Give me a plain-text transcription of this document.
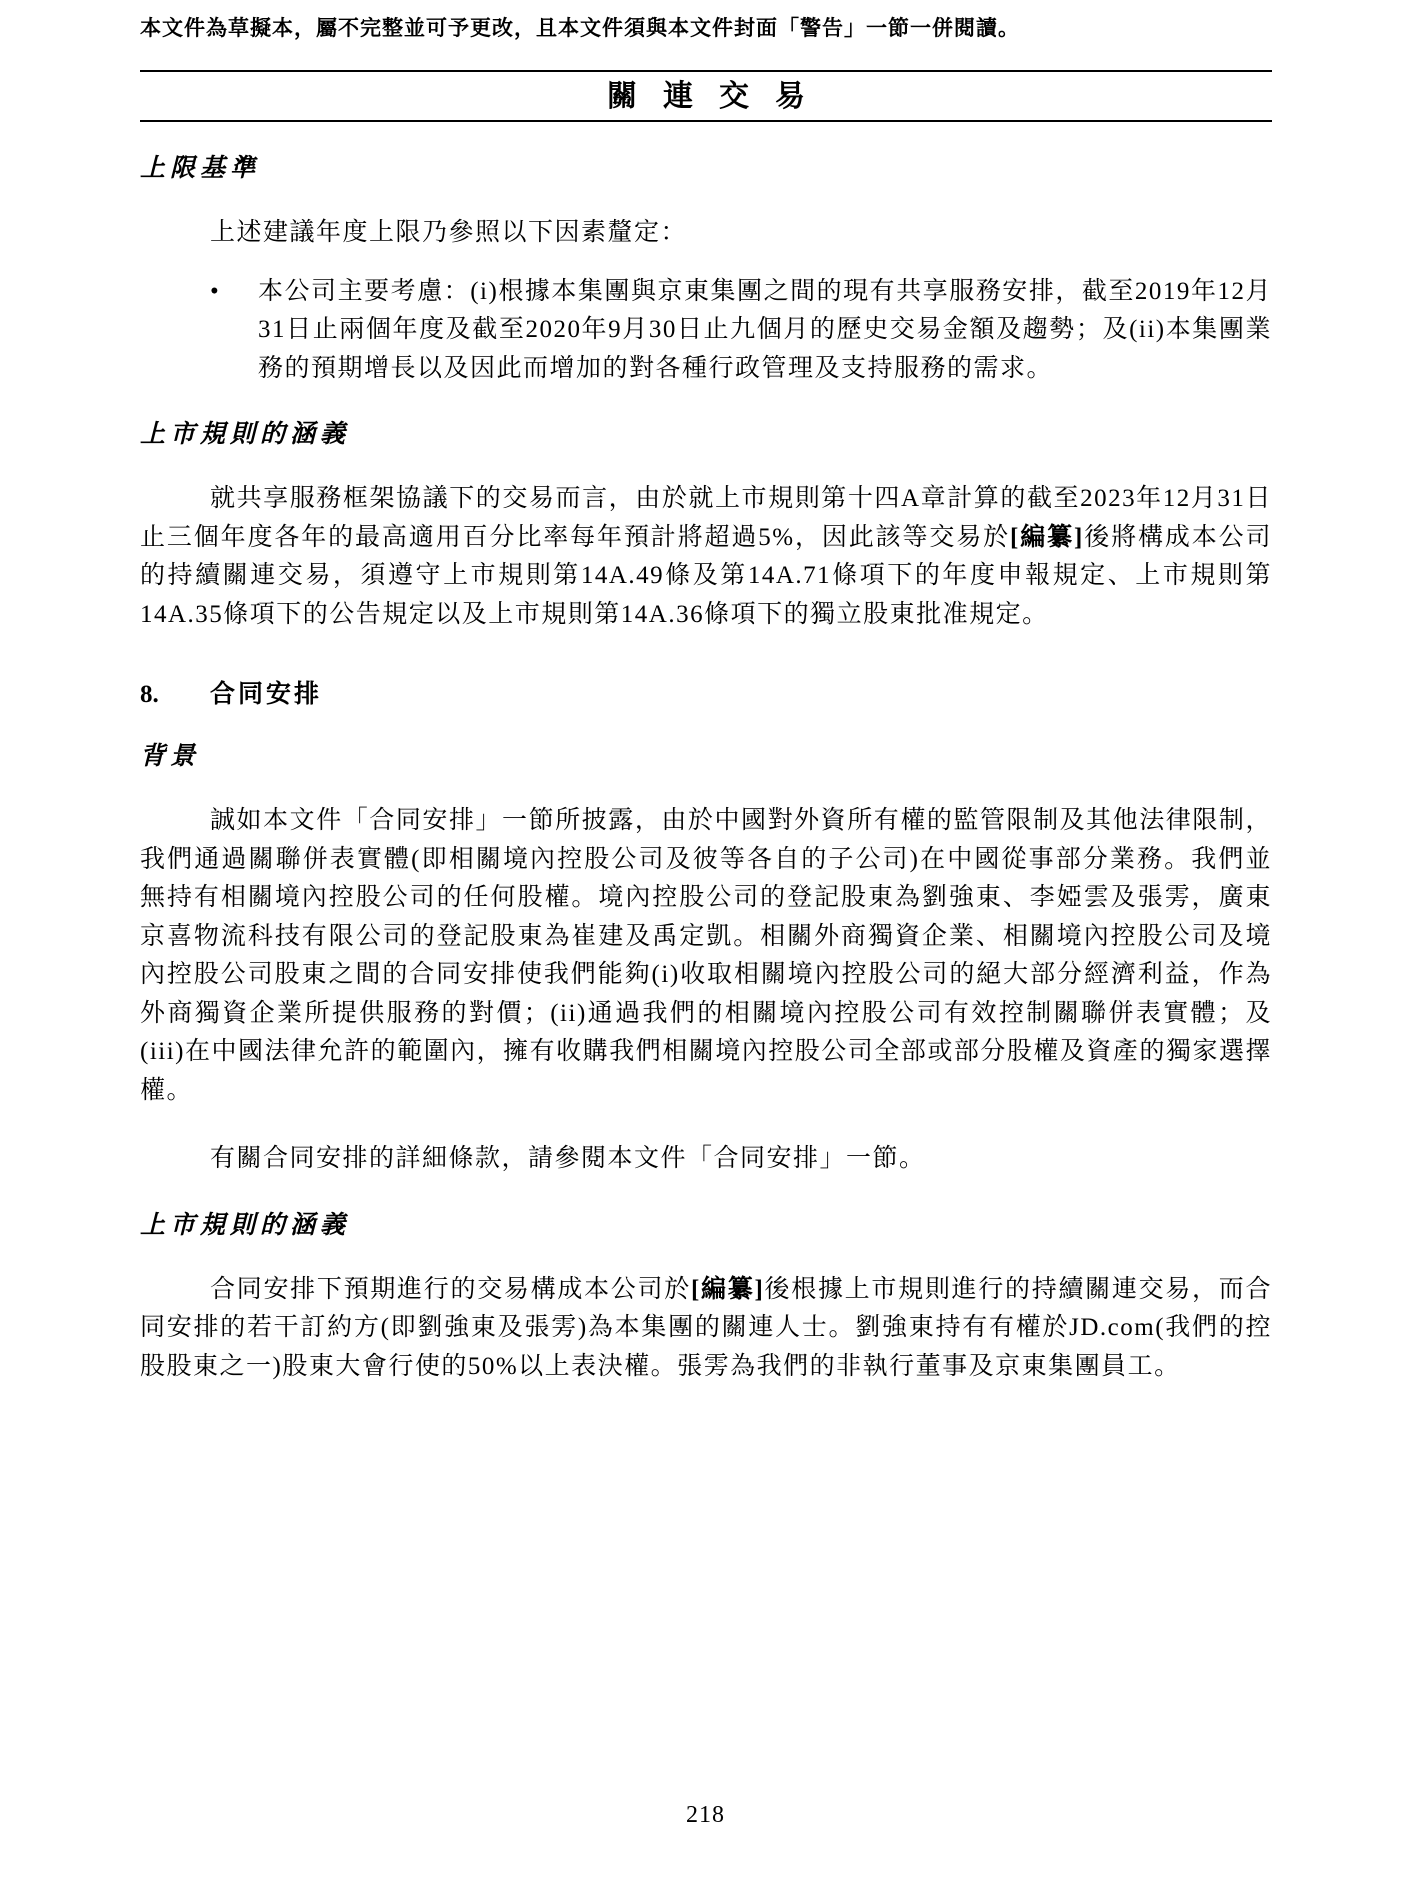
本文件為草擬本，屬不完整並可予更改，且本文件須與本文件封面「警告」一節一併閱讀。
關連交易
上限基準

上述建議年度上限乃參照以下因素釐定：

•	本公司主要考慮：(i)根據本集團與京東集團之間的現有共享服務安排，截至2019年12月31日止兩個年度及截至2020年9月30日止九個月的歷史交易金額及趨勢；及(ii)本集團業務的預期增長以及因此而增加的對各種行政管理及支持服務的需求。
上市規則的涵義

就共享服務框架協議下的交易而言，由於就上市規則第十四A章計算的截至2023年12月31日止三個年度各年的最高適用百分比率每年預計將超過5%，因此該等交易於[編纂]後將構成本公司的持續關連交易，須遵守上市規則第14A.49條及第14A.71條項下的年度申報規定、上市規則第14A.35條項下的公告規定以及上市規則第14A.36條項下的獨立股東批准規定。

8.	合同安排
背景

誠如本文件「合同安排」一節所披露，由於中國對外資所有權的監管限制及其他法律限制，我們通過關聯併表實體(即相關境內控股公司及彼等各自的子公司)在中國從事部分業務。我們並無持有相關境內控股公司的任何股權。境內控股公司的登記股東為劉強東、李婭雲及張雱，廣東京喜物流科技有限公司的登記股東為崔建及禹定凱。相關外商獨資企業、相關境內控股公司及境內控股公司股東之間的合同安排使我們能夠(i)收取相關境內控股公司的絕大部分經濟利益，作為外商獨資企業所提供服務的對價；(ii)通過我們的相關境內控股公司有效控制關聯併表實體；及(iii)在中國法律允許的範圍內，擁有收購我們相關境內控股公司全部或部分股權及資產的獨家選擇權。

有關合同安排的詳細條款，請參閱本文件「合同安排」一節。

上市規則的涵義

合同安排下預期進行的交易構成本公司於[編纂]後根據上市規則進行的持續關連交易，而合同安排的若干訂約方(即劉強東及張雱)為本集團的關連人士。劉強東持有有權於JD.com(我們的控股股東之一)股東大會行使的50%以上表決權。張雱為我們的非執行董事及京東集團員工。

218
